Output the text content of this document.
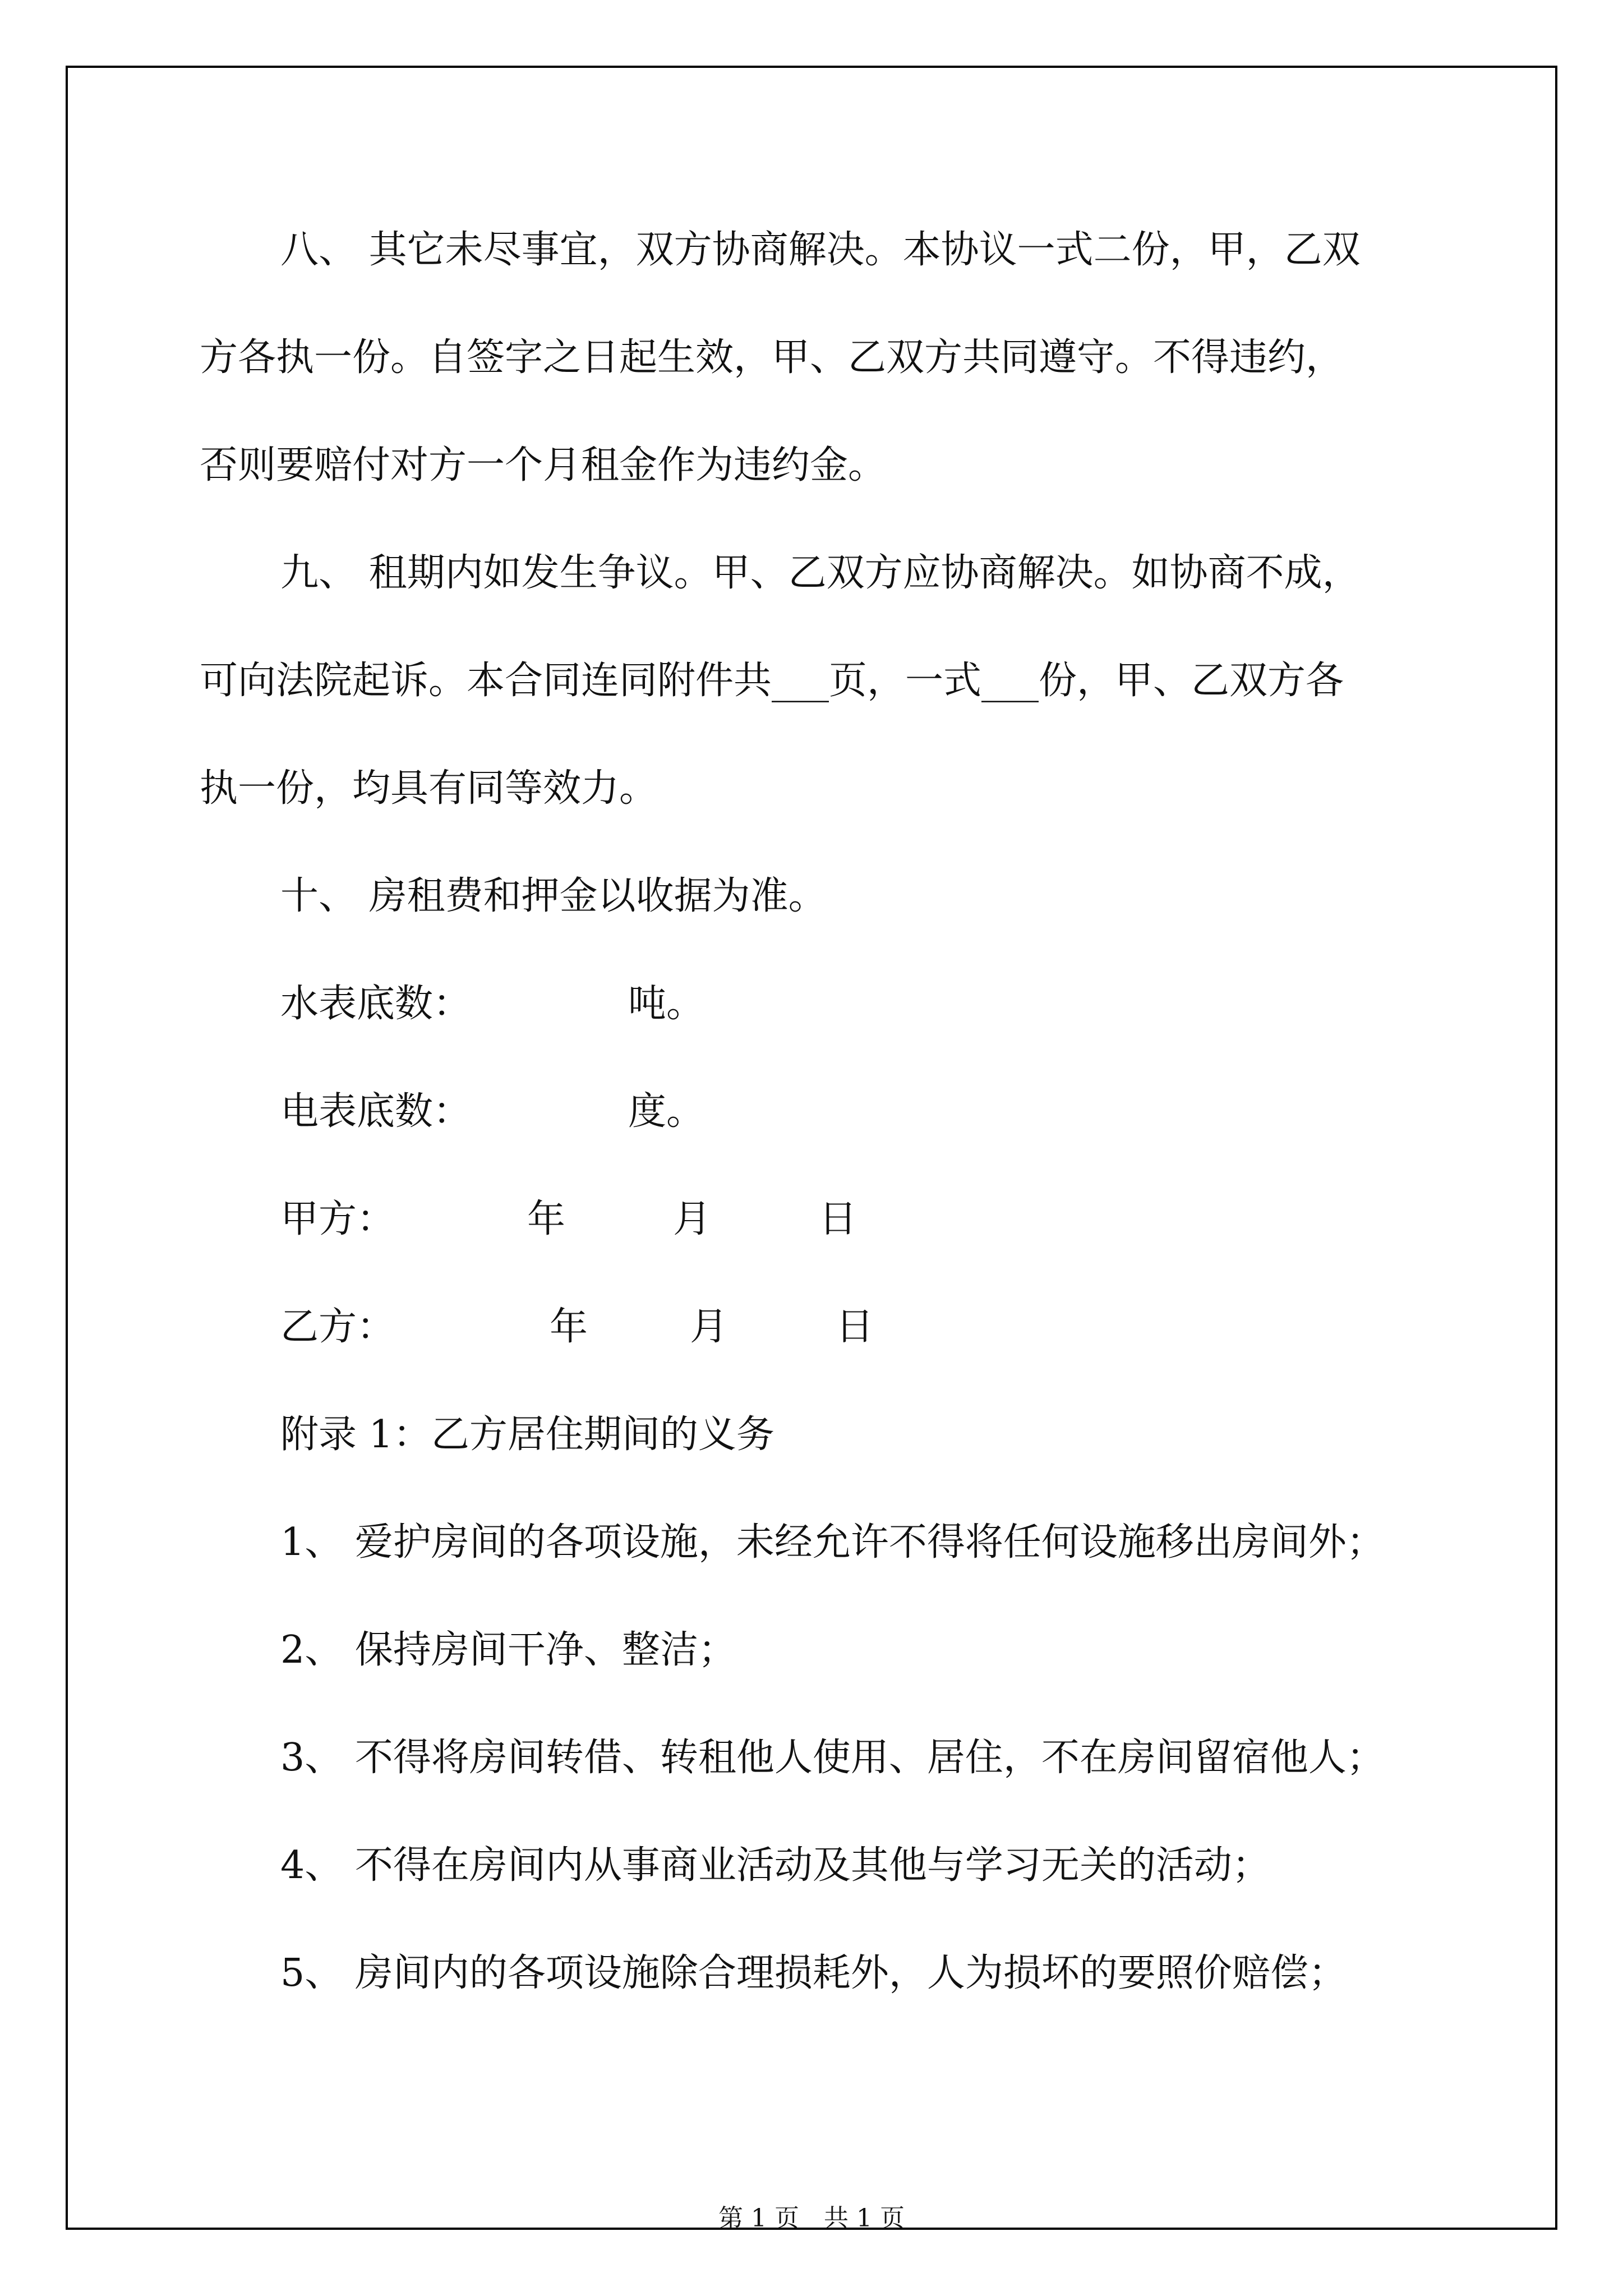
八、 其它未尽事宜，双方协商解决。本协议一式二份，甲，乙双

方各执一份。自签字之日起生效，甲、乙双方共同遵守。不得违约，

否则要赔付对方一个月租金作为违约金。

九、 租期内如发生争议。甲、乙双方应协商解决。如协商不成，

可向法院起诉。本合同连同附件共___页，一式___份，甲、乙双方各

执一份，均具有同等效力。

十、 房租费和押金以收据为准。

水表底数：	吨。
电表底数：	度。
甲方：	年	月	日
乙方：	年	月	日

附录 1：乙方居住期间的义务

1、 爱护房间的各项设施，未经允许不得将任何设施移出房间外；

2、 保持房间干净、整洁；

3、 不得将房间转借、转租他人使用、居住，不在房间留宿他人；

4、 不得在房间内从事商业活动及其他与学习无关的活动；

5、 房间内的各项设施除合理损耗外，人为损坏的要照价赔偿；

第 1 页 共 1 页
